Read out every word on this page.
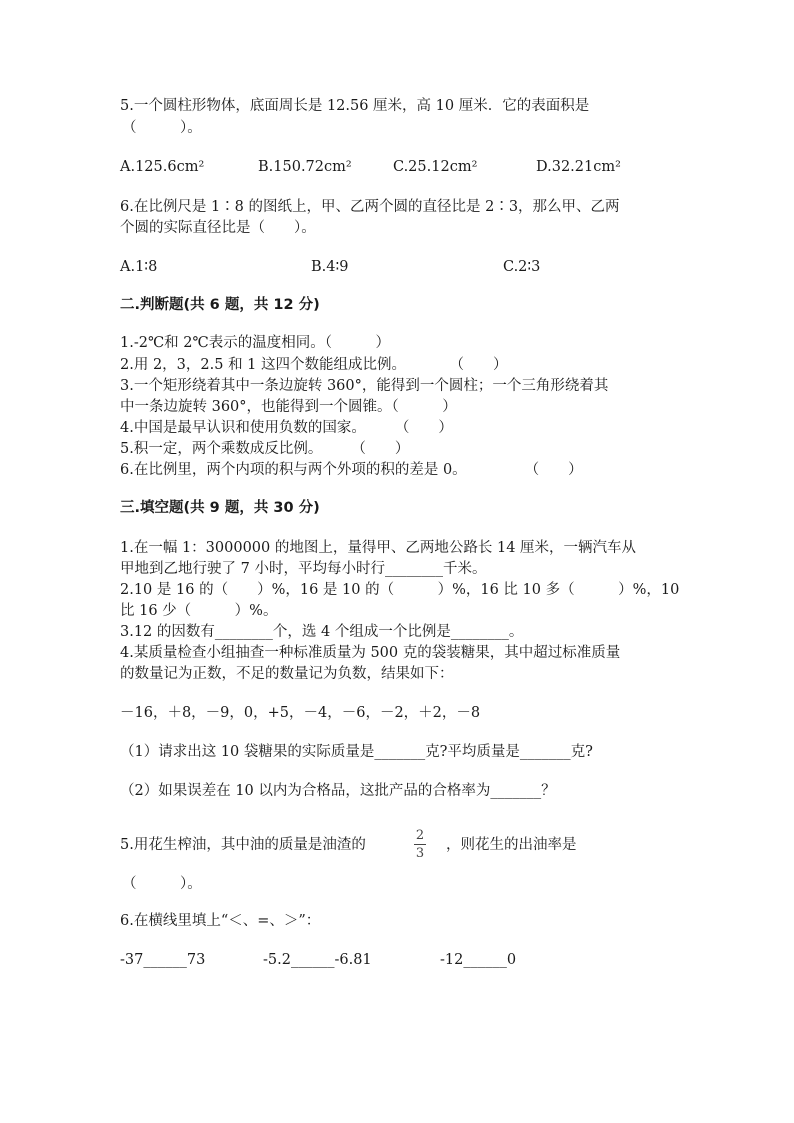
5.一个圆柱形物体，底面周长是 12.56 厘米，高 10 厘米．它的表面积是
（　　　）。
A.125.6cm²	B.150.72cm²	C.25.12cm²	D.32.21cm²
6.在比例尺是 1∶8 的图纸上，甲、乙两个圆的直径比是 2∶3，那么甲、乙两
个圆的实际直径比是（　　）。
A.1∶8	B.4∶9	C.2∶3
二.判断题(共 6 题，共 12 分)
1.-2℃和 2℃表示的温度相同。（　　　）
2.用 2，3，2.5 和 1 这四个数能组成比例。　　　　（　　）
3.一个矩形绕着其中一条边旋转 360°，能得到一个圆柱；一个三角形绕着其
中一条边旋转 360°，也能得到一个圆锥。（　　　）
4.中国是最早认识和使用负数的国家。　　　（　　）
5.积一定，两个乘数成反比例。　　　（　　）
6.在比例里，两个内项的积与两个外项的积的差是 0。　　　　　（　　）
三.填空题(共 9 题，共 30 分)
1.在一幅 1：3000000 的地图上，量得甲、乙两地公路长 14 厘米，一辆汽车从
甲地到乙地行驶了 7 小时，平均每小时行________千米。
2.10 是 16 的（　　）%，16 是 10 的（　　　）%，16 比 10 多（　　　）%，10
比 16 少（　　　）%。
3.12 的因数有________个，选 4 个组成一个比例是________。
4.某质量检查小组抽查一种标准质量为 500 克的袋装糖果，其中超过标准质量
的数量记为正数，不足的数量记为负数，结果如下：
－16，＋8，－9，0，+5，－4，－6，－2，＋2，－8
（1）请求出这 10 袋糖果的实际质量是_______克?平均质量是_______克?
（2）如果误差在 10 以内为合格品，这批产品的合格率为_______？
5.用花生榨油，其中油的质量是油渣的
2
3
，则花生的出油率是
（　　　）。
6.在横线里填上“＜、=、＞”：
-37______73	-5.2______-6.81	-12______0
